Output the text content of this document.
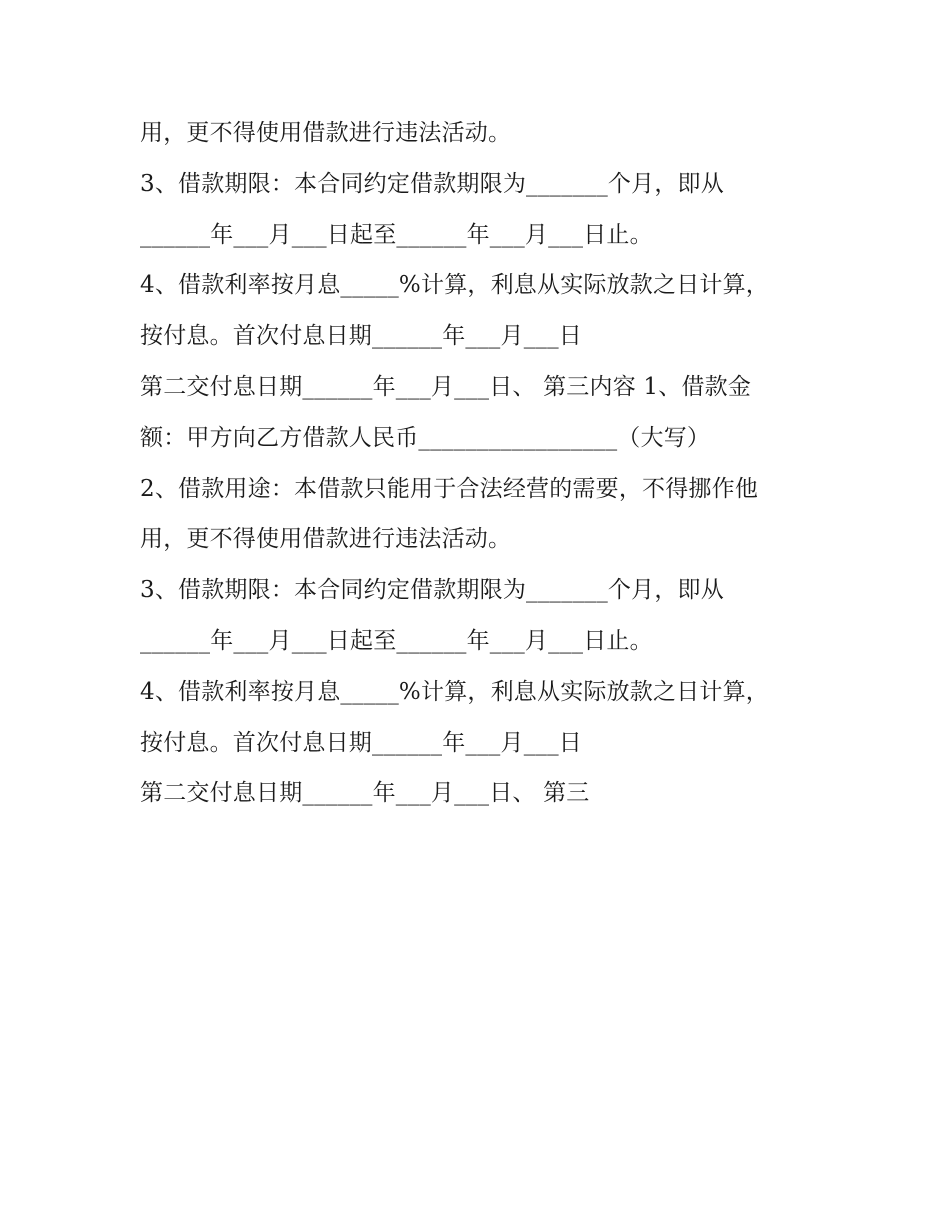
用，更不得使用借款进行违法活动。
3、借款期限：本合同约定借款期限为_______个月，即从
______年___月___日起至______年___月___日止。
4、借款利率按月息_____%计算，利息从实际放款之日计算，
按付息。首次付息日期______年___月___日
第二交付息日期______年___月___日、 第三内容 1、借款金
额：甲方向乙方借款人民币_________________（大写）
2、借款用途：本借款只能用于合法经营的需要，不得挪作他
用，更不得使用借款进行违法活动。
3、借款期限：本合同约定借款期限为_______个月，即从
______年___月___日起至______年___月___日止。
4、借款利率按月息_____%计算，利息从实际放款之日计算，
按付息。首次付息日期______年___月___日
第二交付息日期______年___月___日、 第三
